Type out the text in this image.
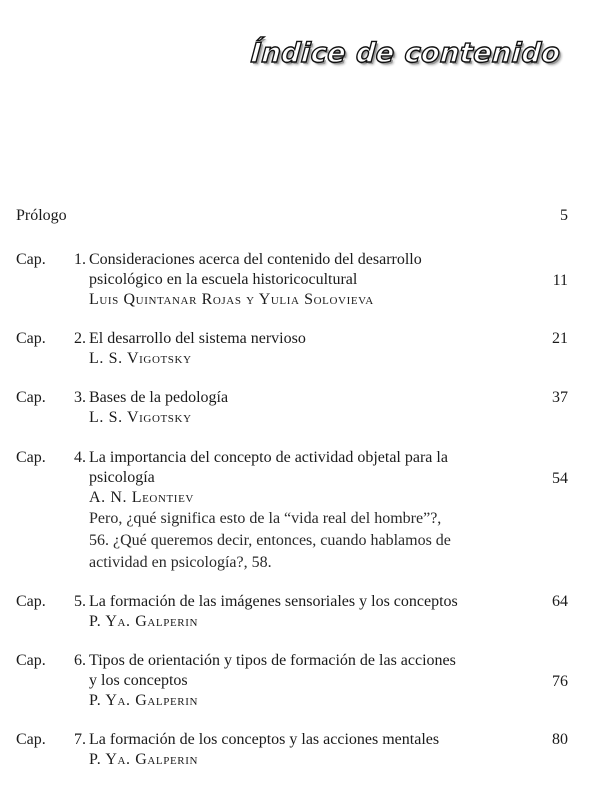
Índice de contenido
Prólogo	5
Cap.	1. Consideraciones acerca del contenido del desarrollo
psicológico en la escuela historicocultural
Luis Quintanar Rojas y Yulia Solovieva
11
Cap.	2. El desarrollo del sistema nervioso
L. S. Vigotsky
21
Cap.	3. Bases de la pedología
L. S. Vigotsky
37
Cap.	4. La importancia del concepto de actividad objetal para la
psicología
A. N. Leontiev
Pero, ¿qué significa esto de la “vida real del hombre”?,
56. ¿Qué queremos decir, entonces, cuando hablamos de
actividad en psicología?, 58.
54
Cap.	5. La formación de las imágenes sensoriales y los conceptos
P. Ya. Galperin
64
Cap.	6. Tipos de orientación y tipos de formación de las acciones
y los conceptos
P. Ya. Galperin
76
Cap.	7. La formación de los conceptos y las acciones mentales
P. Ya. Galperin
80
